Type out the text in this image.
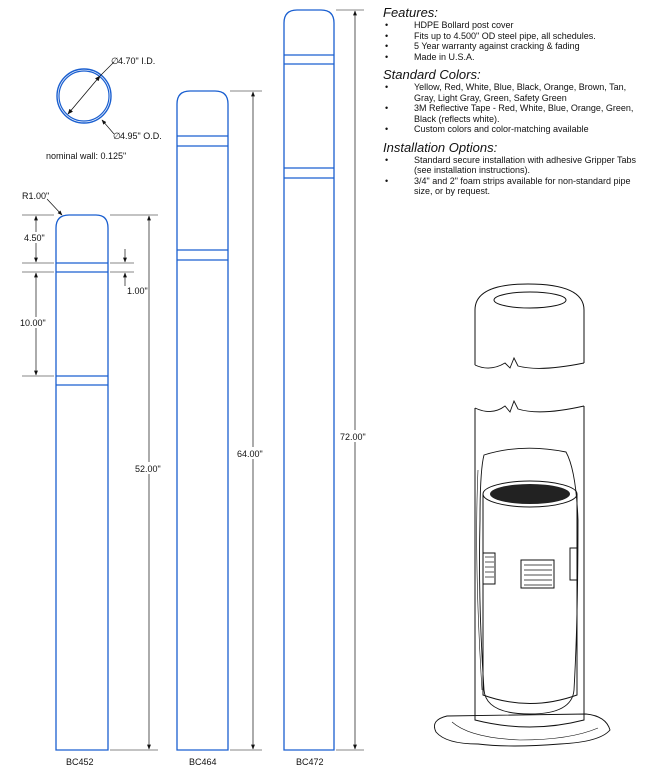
∅ 4.70" I.D.
∅ 4.95" O.D.
nominal wall: 0.125"
R1.00"
4.50"
10.00"
1.00"
52.00"
BC452
64.00"
BC464
72.00"
BC472
Features:
• HDPE Bollard post cover
• Fits up to 4.500" OD steel pipe, all schedules.
• 5 Year warranty against cracking & fading
• Made in U.S.A.
Standard Colors:
• Yellow, Red, White, Blue, Black, Orange, Brown, Tan, Gray, Light Gray, Green, Safety Green
• 3M Reflective Tape - Red, White, Blue, Orange, Green, Black (reflects white).
• Custom colors and color-matching available
Installation Options:
• Standard secure installation with adhesive Gripper Tabs (see installation instructions).
• 3/4" and 2" foam strips available for non-standard pipe size, or by request.
